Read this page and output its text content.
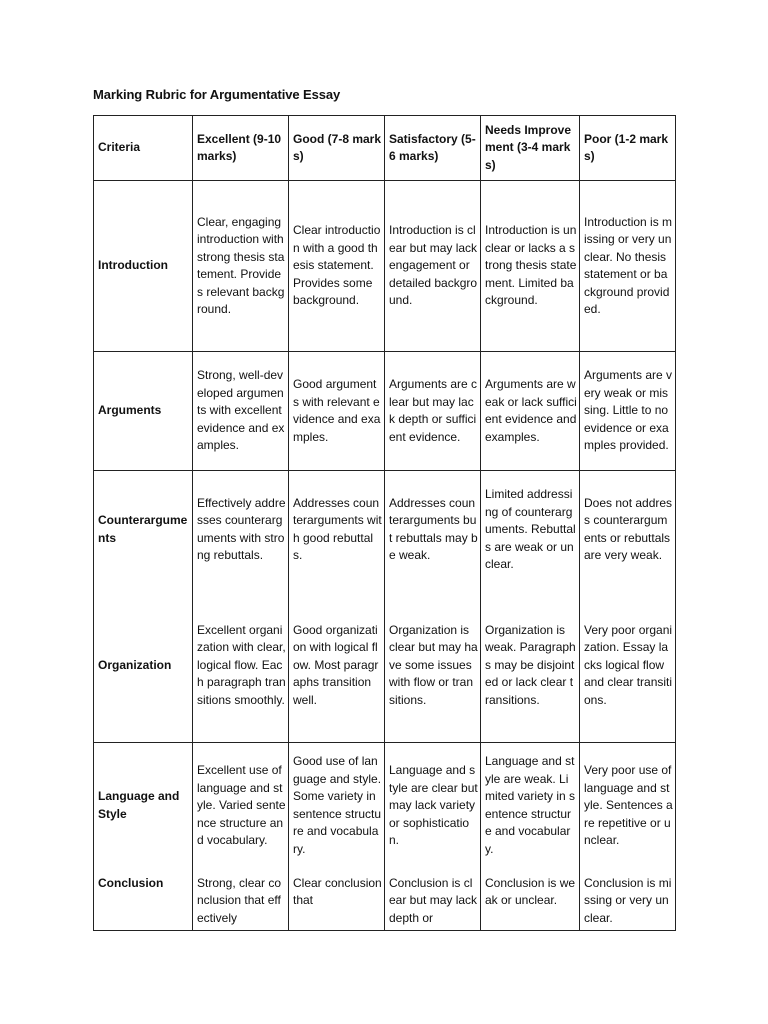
Marking Rubric for Argumentative Essay
Criteria	Excellent (9-10 marks)	Good (7-8 marks)	Satisfactory (5-6 marks)	Needs Improvement (3-4 marks)	Poor (1-2 marks)
Introduction	Clear, engaging introduction with strong thesis statement. Provides relevant background.	Clear introduction with a good thesis statement. Provides some background.	Introduction is clear but may lack engagement or detailed background.	Introduction is unclear or lacks a strong thesis statement. Limited background.	Introduction is missing or very unclear. No thesis statement or background provided.
Arguments	Strong, well-developed arguments with excellent evidence and examples.	Good arguments with relevant evidence and examples.	Arguments are clear but may lack depth or sufficient evidence.	Arguments are weak or lack sufficient evidence and examples.	Arguments are very weak or missing. Little to no evidence or examples provided.
Counterarguments	Effectively addresses counterarguments with strong rebuttals.	Addresses counterarguments with good rebuttals.	Addresses counterarguments but rebuttals may be weak.	Limited addressing of counterarguments. Rebuttals are weak or unclear.	Does not address counterarguments or rebuttals are very weak.
Organization	Excellent organization with clear, logical flow. Each paragraph transitions smoothly.	Good organization with logical flow. Most paragraphs transition well.	Organization is clear but may have some issues with flow or transitions.	Organization is weak. Paragraphs may be disjointed or lack clear transitions.	Very poor organization. Essay lacks logical flow and clear transitions.
Language and Style	Excellent use of language and style. Varied sentence structure and vocabulary.	Good use of language and style. Some variety in sentence structure and vocabulary.	Language and style are clear but may lack variety or sophistication.	Language and style are weak. Limited variety in sentence structure and vocabulary.	Very poor use of language and style. Sentences are repetitive or unclear.
Conclusion	Strong, clear conclusion that effectively	Clear conclusion that	Conclusion is clear but may lack depth or	Conclusion is weak or unclear.	Conclusion is missing or very unclear.
